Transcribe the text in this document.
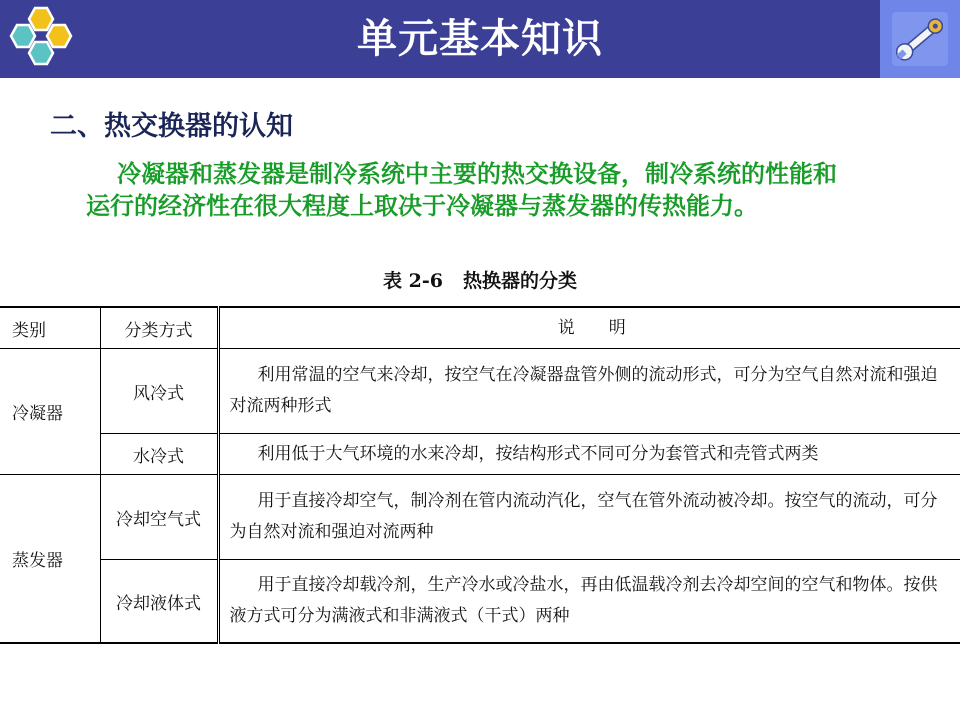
单元基本知识
二、热交换器的认知
冷凝器和蒸发器是制冷系统中主要的热交换设备，制冷系统的性能和
运行的经济性在很大程度上取决于冷凝器与蒸发器的传热能力。
表 2-6 热换器的分类
类别	分类方式	说　　明
冷凝器	风冷式	利用常温的空气来冷却，按空气在冷凝器盘管外侧的流动形式，可分为空气自然对流和强迫对流两种形式
	水冷式	利用低于大气环境的水来冷却，按结构形式不同可分为套管式和壳管式两类
蒸发器	冷却空气式	用于直接冷却空气，制冷剂在管内流动汽化，空气在管外流动被冷却。按空气的流动，可分为自然对流和强迫对流两种
	冷却液体式	用于直接冷却载冷剂，生产冷水或冷盐水，再由低温载冷剂去冷却空间的空气和物体。按供液方式可分为满液式和非满液式（干式）两种
